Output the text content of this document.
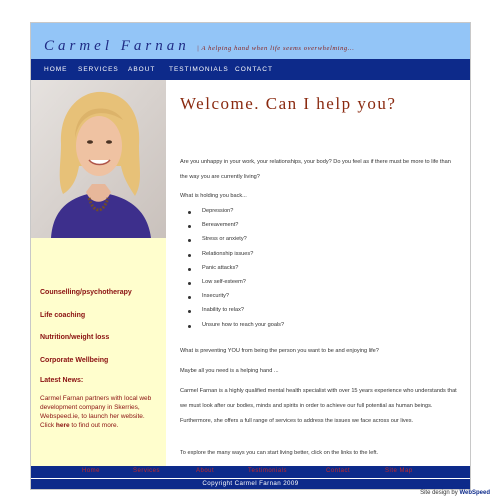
Carmel Farnan | A helping hand when life seems overwhelming...
HOME SERVICES ABOUT TESTIMONIALS CONTACT
Counselling/psychotherapy
Life coaching
Nutrition/weight loss
Corporate Wellbeing
Latest News:
Carmel Farnan partners with local web development company in Skerries, Webspeed.ie, to launch her website. Click here to find out more.
Welcome. Can I help you?
Are you unhappy in your work, your relationships, your body? Do you feel as if there must be more to life than the way you are currently living?
What is holding you back...
Depression?
Bereavement?
Stress or anxiety?
Relationship issues?
Panic attacks?
Low self-esteem?
Insecurity?
Inability to relax?
Unsure how to reach your goals?
What is preventing YOU from being the person you want to be and enjoying life?
Maybe all you need is a helping hand ...
Carmel Farnan is a highly qualified mental health specialist with over 15 years experience who understands that we must look after our bodies, minds and spirits in order to achieve our full potential as human beings. Furthermore, she offers a full range of services to address the issues we face across our lives.
To explore the many ways you can start living better, click on the links to the left.
Home	Services	About	Testimonials	Contact	Site Map
Copyright Carmel Farnan 2009
Site design by WebSpeed
